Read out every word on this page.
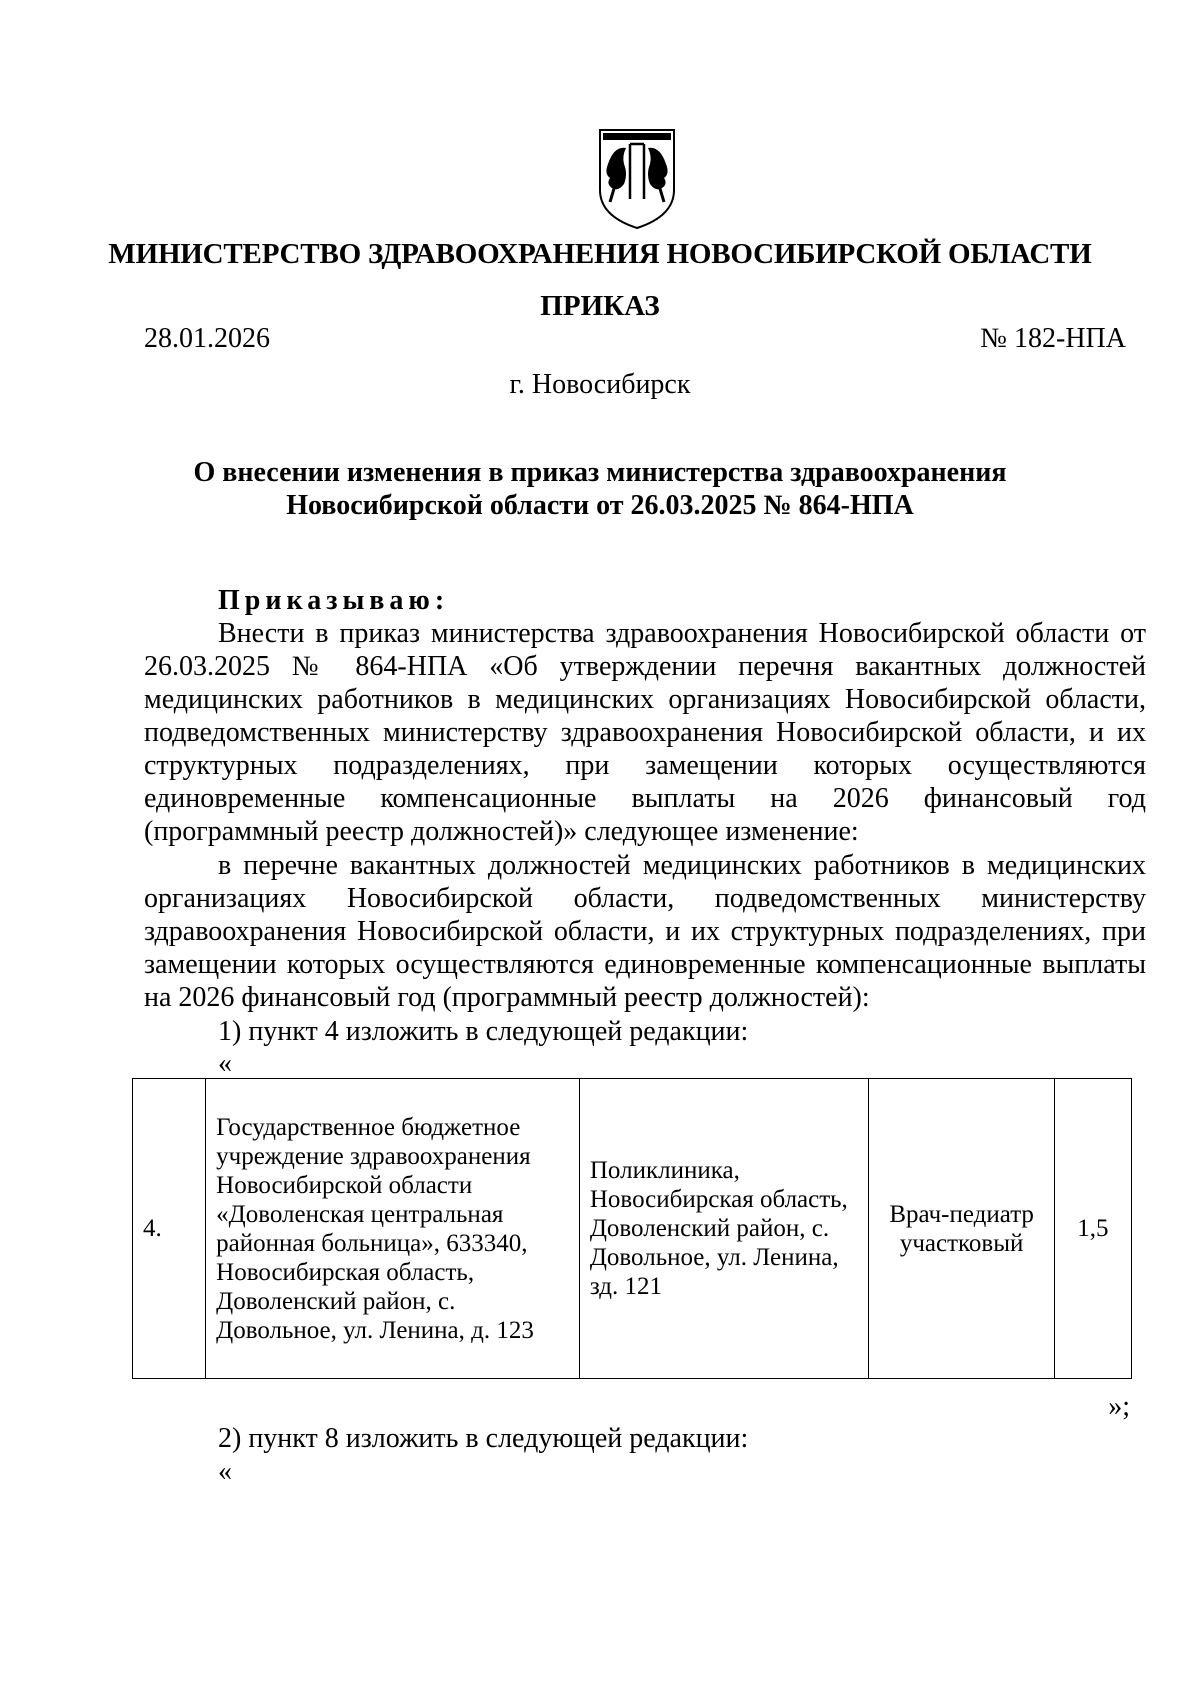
МИНИСТЕРСТВО ЗДРАВООХРАНЕНИЯ НОВОСИБИРСКОЙ ОБЛАСТИ
ПРИКАЗ
28.01.2026	№ 182-НПА
г. Новосибирск
О внесении изменения в приказ министерства здравоохранения
Новосибирской области от 26.03.2025 № 864-НПА
Приказываю:

Внести в приказ министерства здравоохранения Новосибирской области от 26.03.2025 № 864-НПА «Об утверждении перечня вакантных должностей медицинских работников в медицинских организациях Новосибирской области, подведомственных министерству здравоохранения Новосибирской области, и их структурных подразделениях, при замещении которых осуществляются единовременные компенсационные выплаты на 2026 финансовый год (программный реестр должностей)» следующее изменение:

в перечне вакантных должностей медицинских работников в медицинских организациях Новосибирской области, подведомственных министерству здравоохранения Новосибирской области, и их структурных подразделениях, при замещении которых осуществляются единовременные компенсационные выплаты на 2026 финансовый год (программный реестр должностей):

1) пункт 4 изложить в следующей редакции:
«
4.	Государственное бюджетное учреждение здравоохранения Новосибирской области «Доволенская центральная районная больница», 633340, Новосибирская область, Доволенский район, с. Довольное, ул. Ленина, д. 123	Поликлиника, Новосибирская область, Доволенский район, с. Довольное, ул. Ленина, зд. 121	Врач-педиатр участковый	1,5
»;
2) пункт 8 изложить в следующей редакции:
«
